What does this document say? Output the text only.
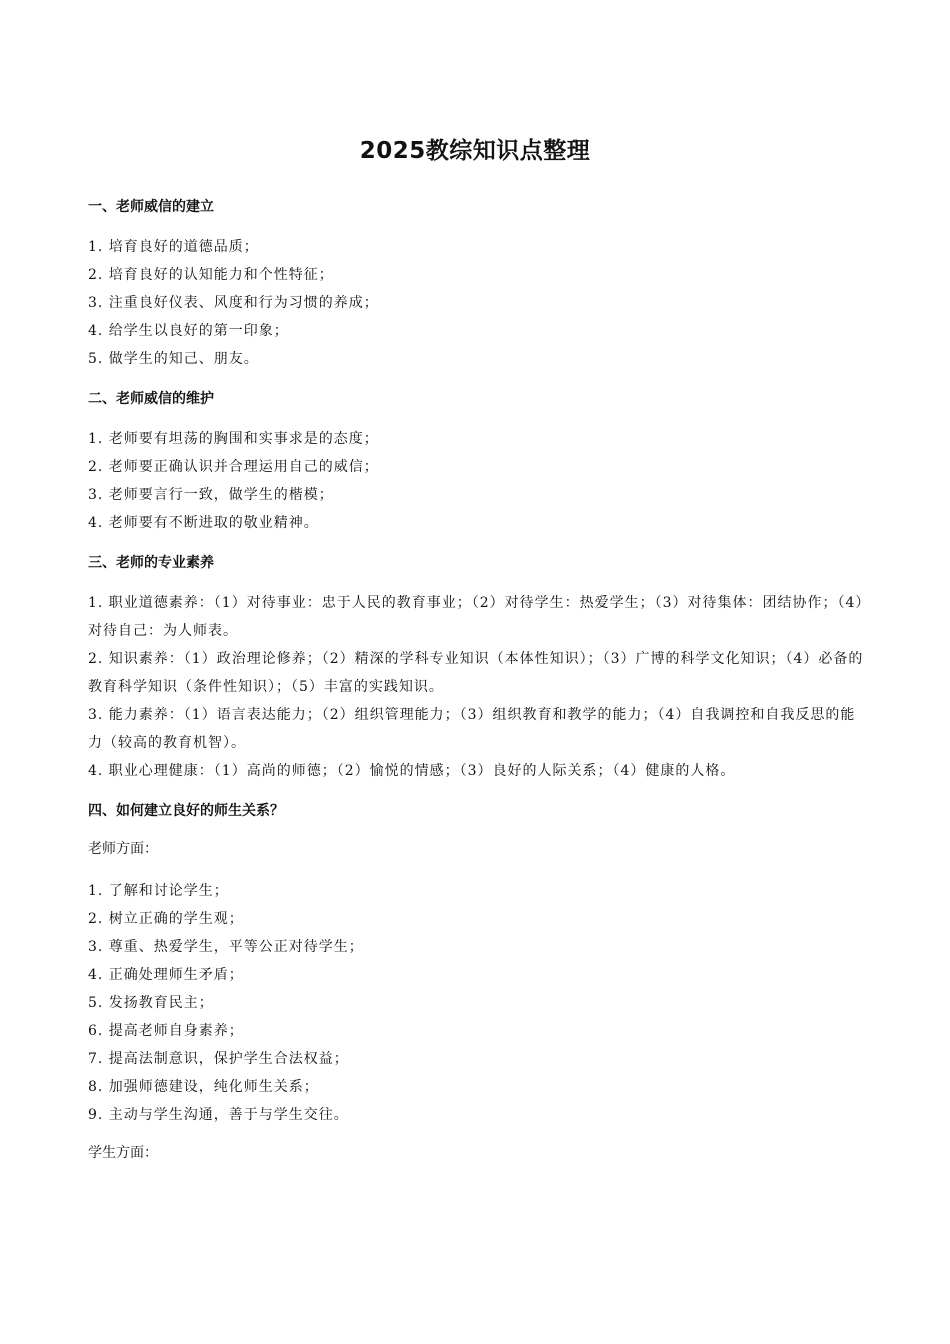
2025教综知识点整理
一、老师威信的建立
1. 培育良好的道德品质；
2. 培育良好的认知能力和个性特征；
3. 注重良好仪表、风度和行为习惯的养成；
4. 给学生以良好的第一印象；
5. 做学生的知己、朋友。
二、老师威信的维护
1. 老师要有坦荡的胸围和实事求是的态度；
2. 老师要正确认识并合理运用自己的威信；
3. 老师要言行一致，做学生的楷模；
4. 老师要有不断进取的敬业精神。
三、老师的专业素养
1. 职业道德素养：（1）对待事业：忠于人民的教育事业；（2）对待学生：热爱学生；（3）对待集体：团结协作；（4）对待自己：为人师表。
2. 知识素养：（1）政治理论修养；（2）精深的学科专业知识（本体性知识）；（3）广博的科学文化知识；（4）必备的教育科学知识（条件性知识）；（5）丰富的实践知识。
3. 能力素养：（1）语言表达能力；（2）组织管理能力；（3）组织教育和教学的能力；（4）自我调控和自我反思的能力（较高的教育机智）。
4. 职业心理健康：（1）高尚的师德；（2）愉悦的情感；（3）良好的人际关系；（4）健康的人格。
四、如何建立良好的师生关系？
老师方面：
1. 了解和讨论学生；
2. 树立正确的学生观；
3. 尊重、热爱学生，平等公正对待学生；
4. 正确处理师生矛盾；
5. 发扬教育民主；
6. 提高老师自身素养；
7. 提高法制意识，保护学生合法权益；
8. 加强师德建设，纯化师生关系；
9. 主动与学生沟通，善于与学生交往。
学生方面：
